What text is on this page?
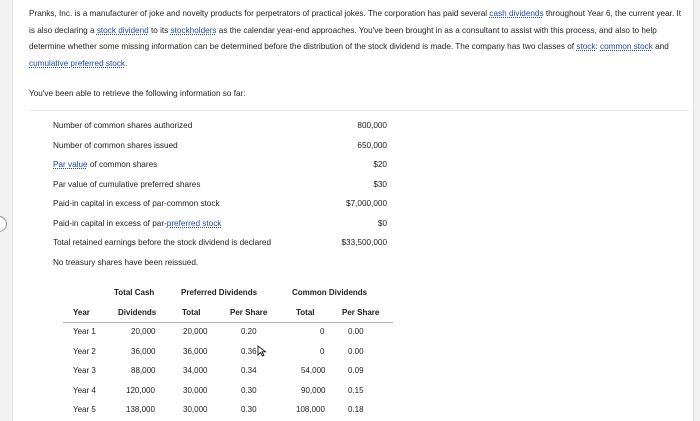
Pranks, Inc. is a manufacturer of joke and novelty products for perpetrators of practical jokes. The corporation has paid several cash dividends throughout Year 6, the current year. It is also declaring a stock dividend to its stockholders as the calendar year-end approaches. You've been brought in as a consultant to assist with this process, and also to help determine whether some missing information can be determined before the distribution of the stock dividend is made. The company has two classes of stock: common stock and cumulative preferred stock.
You've been able to retrieve the following information so far:
Number of common shares authorized	800,000
Number of common shares issued	650,000
Par value of common shares	$20
Par value of cumulative preferred shares	$30
Paid-in capital in excess of par-common stock	$7,000,000
Paid-in capital in excess of par-preferred stock	$0
Total retained earnings before the stock dividend is declared	$33,500,000
No treasury shares have been reissued.
Total Cash	Preferred Dividends	Common Dividends
Year	Dividends	Total	Per Share	Total	Per Share
Year 1	20,000	20,000	0.20	0	0.00
Year 2	36,000	36,000	0.36	0	0.00
Year 3	88,000	34,000	0.34	54,000	0.09
Year 4	120,000	30,000	0.30	90,000	0.15
Year 5	138,000	30,000	0.30	108,000	0.18
